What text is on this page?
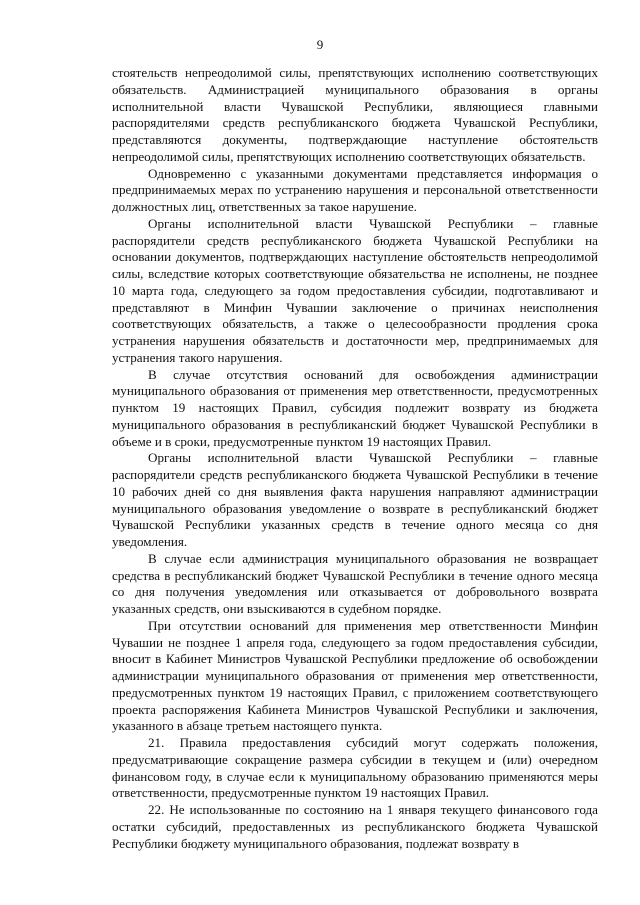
9

стоятельств непреодолимой силы, препятствующих исполнению соответствующих обязательств. Администрацией муниципального образования в органы исполнительной власти Чувашской Республики, являющиеся главными распорядителями средств республиканского бюджета Чувашской Республики, представляются документы, подтверждающие наступление обстоятельств непреодолимой силы, препятствующих исполнению соответствующих обязательств.

Одновременно с указанными документами представляется информация о предпринимаемых мерах по устранению нарушения и персональной ответственности должностных лиц, ответственных за такое нарушение.

Органы исполнительной власти Чувашской Республики – главные распорядители средств республиканского бюджета Чувашской Республики на основании документов, подтверждающих наступление обстоятельств непреодолимой силы, вследствие которых соответствующие обязательства не исполнены, не позднее 10 марта года, следующего за годом предоставления субсидии, подготавливают и представляют в Минфин Чувашии заключение о причинах неисполнения соответствующих обязательств, а также о целесообразности продления срока устранения нарушения обязательств и достаточности мер, предпринимаемых для устранения такого нарушения.

В случае отсутствия оснований для освобождения администрации муниципального образования от применения мер ответственности, предусмотренных пунктом 19 настоящих Правил, субсидия подлежит возврату из бюджета муниципального образования в республиканский бюджет Чувашской Республики в объеме и в сроки, предусмотренные пунктом 19 настоящих Правил.

Органы исполнительной власти Чувашской Республики – главные распорядители средств республиканского бюджета Чувашской Республики в течение 10 рабочих дней со дня выявления факта нарушения направляют администрации муниципального образования уведомление о возврате в республиканский бюджет Чувашской Республики указанных средств в течение одного месяца со дня уведомления.

В случае если администрация муниципального образования не возвращает средства в республиканский бюджет Чувашской Республики в течение одного месяца со дня получения уведомления или отказывается от добровольного возврата указанных средств, они взыскиваются в судебном порядке.

При отсутствии оснований для применения мер ответственности Минфин Чувашии не позднее 1 апреля года, следующего за годом предоставления субсидии, вносит в Кабинет Министров Чувашской Республики предложение об освобождении администрации муниципального образования от применения мер ответственности, предусмотренных пунктом 19 настоящих Правил, с приложением соответствующего проекта распоряжения Кабинета Министров Чувашской Республики и заключения, указанного в абзаце третьем настоящего пункта.

21. Правила предоставления субсидий могут содержать положения, предусматривающие сокращение размера субсидии в текущем и (или) очередном финансовом году, в случае если к муниципальному образованию применяются меры ответственности, предусмотренные пунктом 19 настоящих Правил.

22. Не использованные по состоянию на 1 января текущего финансового года остатки субсидий, предоставленных из республиканского бюджета Чувашской Республики бюджету муниципального образования, подлежат возврату в
